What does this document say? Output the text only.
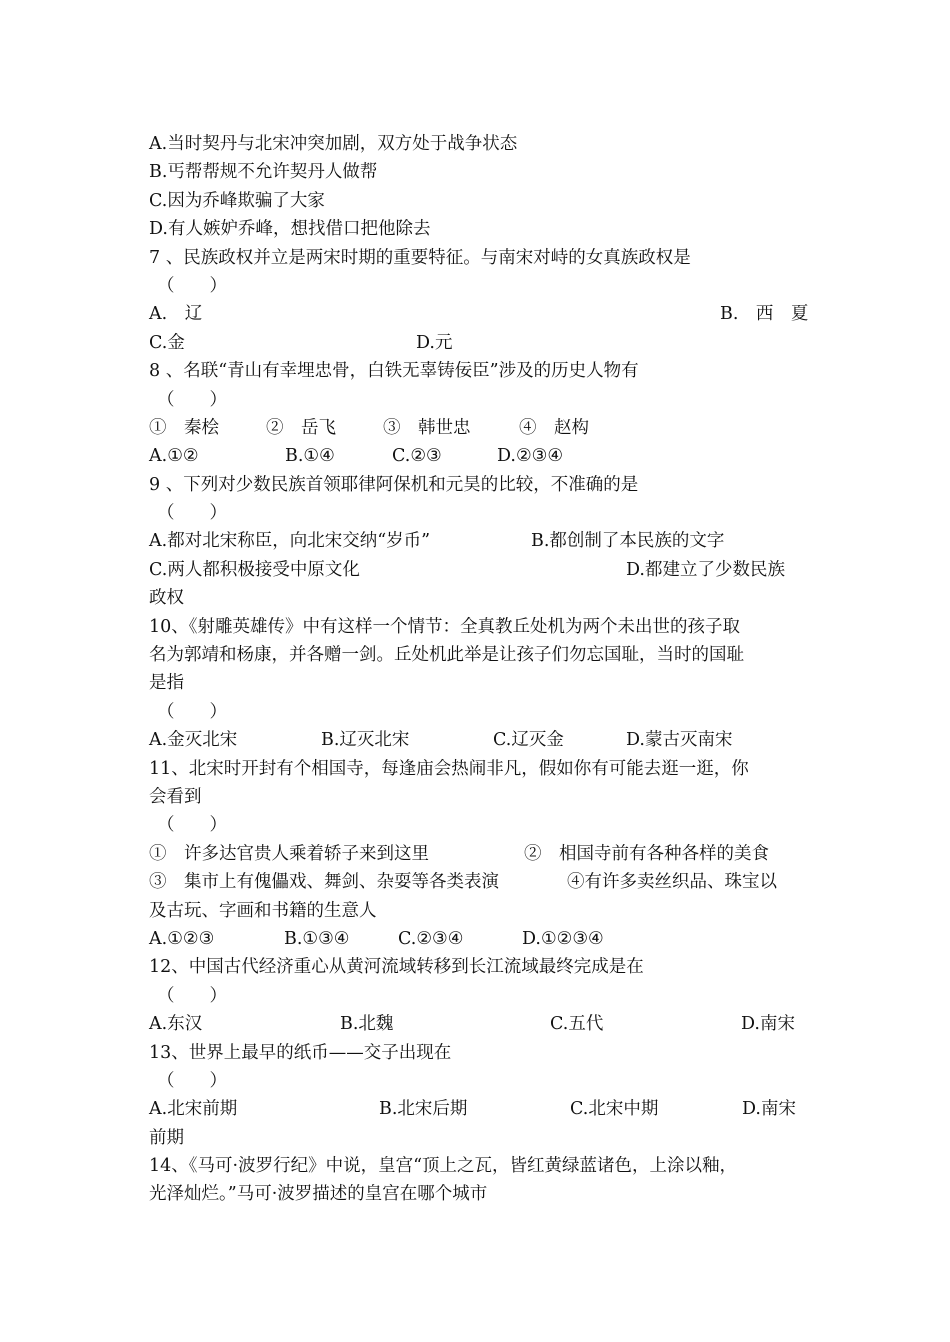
A.当时契丹与北宋冲突加剧，双方处于战争状态
B.丐帮帮规不允许契丹人做帮
C.因为乔峰欺骗了大家
D.有人嫉妒乔峰，想找借口把他除去
7 、民族政权并立是两宋时期的重要特征。与南宋对峙的女真族政权是
（　　）
A.　辽	B.　西　夏
C.金	D.元
8 、名联“青山有幸埋忠骨，白铁无辜铸佞臣”涉及的历史人物有
（　　）
①　秦桧	②　岳飞	③　韩世忠	④　赵构
A.①②	B.①④	C.②③	D.②③④
9 、下列对少数民族首领耶律阿保机和元昊的比较，不准确的是
（　　）
A.都对北宋称臣，向北宋交纳“岁币”	B.都创制了本民族的文字
C.两人都积极接受中原文化	D.都建立了少数民族
政权
10、《射雕英雄传》中有这样一个情节：全真教丘处机为两个未出世的孩子取
名为郭靖和杨康，并各赠一剑。丘处机此举是让孩子们勿忘国耻，当时的国耻
是指
（　　）
A.金灭北宋	B.辽灭北宋	C.辽灭金	D.蒙古灭南宋
11、北宋时开封有个相国寺，每逢庙会热闹非凡，假如你有可能去逛一逛，你
会看到
（　　）
①　许多达官贵人乘着轿子来到这里	②　相国寺前有各种各样的美食
③　集市上有傀儡戏、舞剑、杂耍等各类表演	④有许多卖丝织品、珠宝以
及古玩、字画和书籍的生意人
A.①②③	B.①③④	C.②③④	D.①②③④
12、中国古代经济重心从黄河流域转移到长江流域最终完成是在
（　　）
A.东汉	B.北魏	C.五代	D.南宋
13、世界上最早的纸币——交子出现在
（　　）
A.北宋前期	B.北宋后期	C.北宋中期	D.南宋
前期
14、《马可·波罗行纪》中说，皇宫“顶上之瓦，皆红黄绿蓝诸色，上涂以釉，
光泽灿烂。”马可·波罗描述的皇宫在哪个城市
